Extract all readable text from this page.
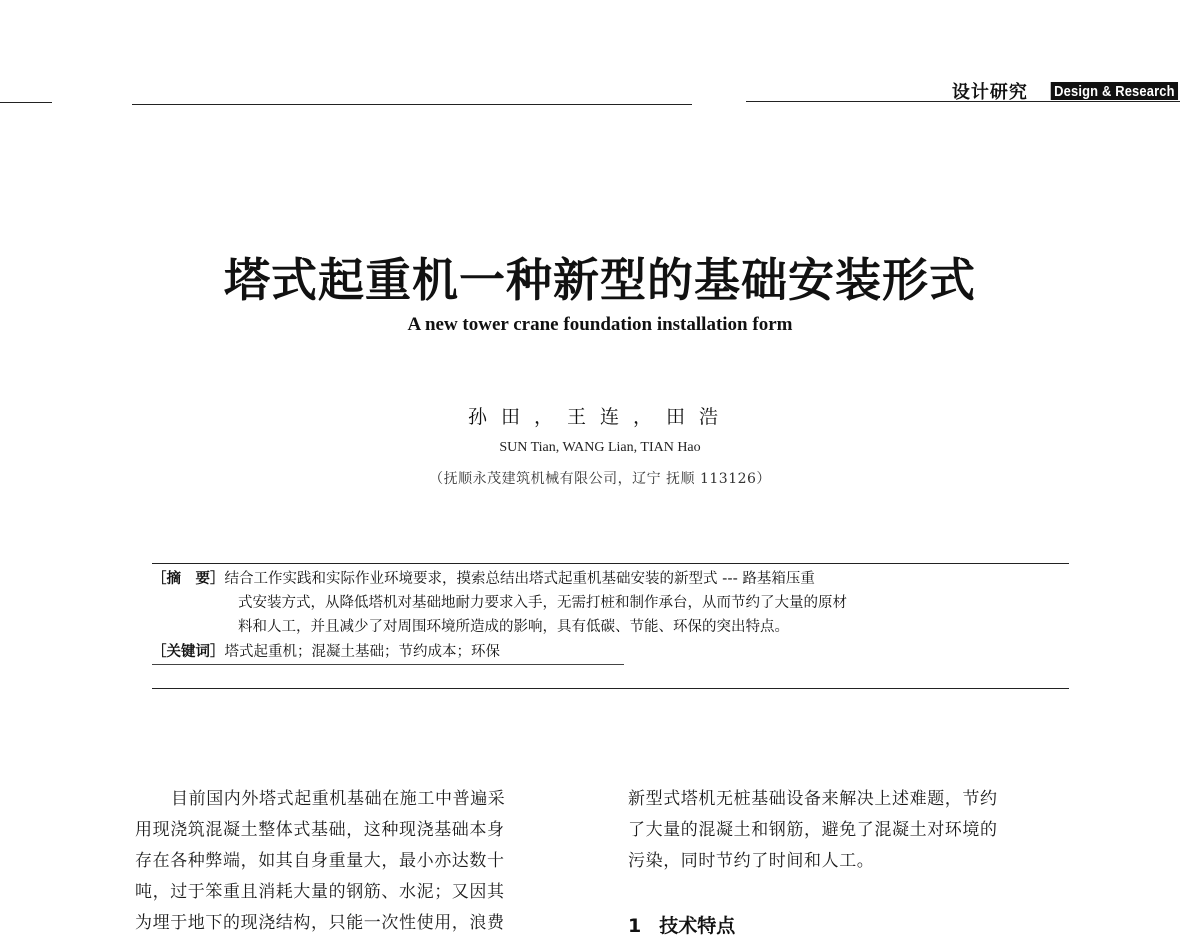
设计研究 Design & Research
塔式起重机一种新型的基础安装形式
A new tower crane foundation installation form
孙田，王连，田浩
SUN Tian, WANG Lian, TIAN Hao
（抚顺永茂建筑机械有限公司，辽宁 抚顺 113126）
［摘　要］结合工作实践和实际作业环境要求，摸索总结出塔式起重机基础安装的新型式 --- 路基箱压重
式安装方式，从降低塔机对基础地耐力要求入手，无需打桩和制作承台，从而节约了大量的原材
料和人工，并且减少了对周围环境所造成的影响，具有低碳、节能、环保的突出特点。
［关键词］塔式起重机；混凝土基础；节约成本；环保
目前国内外塔式起重机基础在施工中普遍采
用现浇筑混凝土整体式基础，这种现浇基础本身
存在各种弊端，如其自身重量大，最小亦达数十
吨，过于笨重且消耗大量的钢筋、水泥；又因其
为埋于地下的现浇结构，只能一次性使用，浪费
新型式塔机无桩基础设备来解决上述难题，节约
了大量的混凝土和钢筋，避免了混凝土对环境的
污染，同时节约了时间和人工。
1 技术特点
